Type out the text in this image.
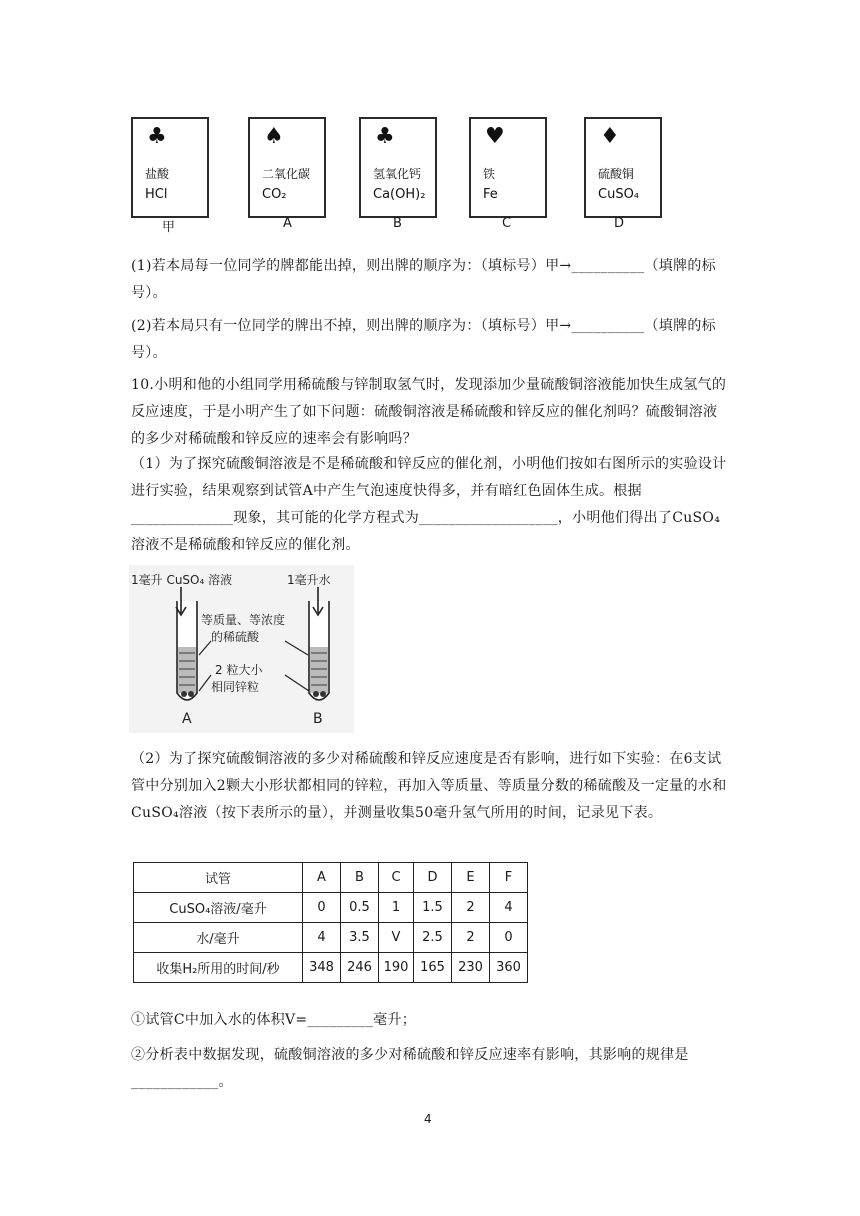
♣
盐酸
HCl
♠
二氧化碳
CO₂
♣
氢氧化钙
Ca(OH)₂
♥
铁
Fe
♦
硫酸铜
CuSO₄
甲	A	B	C	D
(1)若本局每一位同学的牌都能出掉，则出牌的顺序为：（填标号）甲→__________（填牌的标号）。
(2)若本局只有一位同学的牌出不掉，则出牌的顺序为：（填标号）甲→__________（填牌的标号）。
10.小明和他的小组同学用稀硫酸与锌制取氢气时，发现添加少量硫酸铜溶液能加快生成氢气的反应速度，于是小明产生了如下问题：硫酸铜溶液是稀硫酸和锌反应的催化剂吗？硫酸铜溶液的多少对稀硫酸和锌反应的速率会有影响吗？
（1）为了探究硫酸铜溶液是不是稀硫酸和锌反应的催化剂，小明他们按如右图所示的实验设计进行实验，结果观察到试管A中产生气泡速度快得多，并有暗红色固体生成。根据______________现象，其可能的化学方程式为___________________，小明他们得出了CuSO₄溶液不是稀硫酸和锌反应的催化剂。
1毫升 CuSO₄ 溶液	1毫升水
等质量、等浓度
的稀硫酸
2 粒大小
相同锌粒
A	B
（2）为了探究硫酸铜溶液的多少对稀硫酸和锌反应速度是否有影响，进行如下实验：在6支试管中分别加入2颗大小形状都相同的锌粒，再加入等质量、等质量分数的稀硫酸及一定量的水和CuSO₄溶液（按下表所示的量），并测量收集50毫升氢气所用的时间，记录见下表。
试管	A	B	C	D	E	F
CuSO₄溶液/毫升	0	0.5	1	1.5	2	4
水/毫升	4	3.5	V	2.5	2	0
收集H₂所用的时间/秒	348	246	190	165	230	360
①试管C中加入水的体积V=_________毫升；
②分析表中数据发现，硫酸铜溶液的多少对稀硫酸和锌反应速率有影响，其影响的规律是____________。
4
